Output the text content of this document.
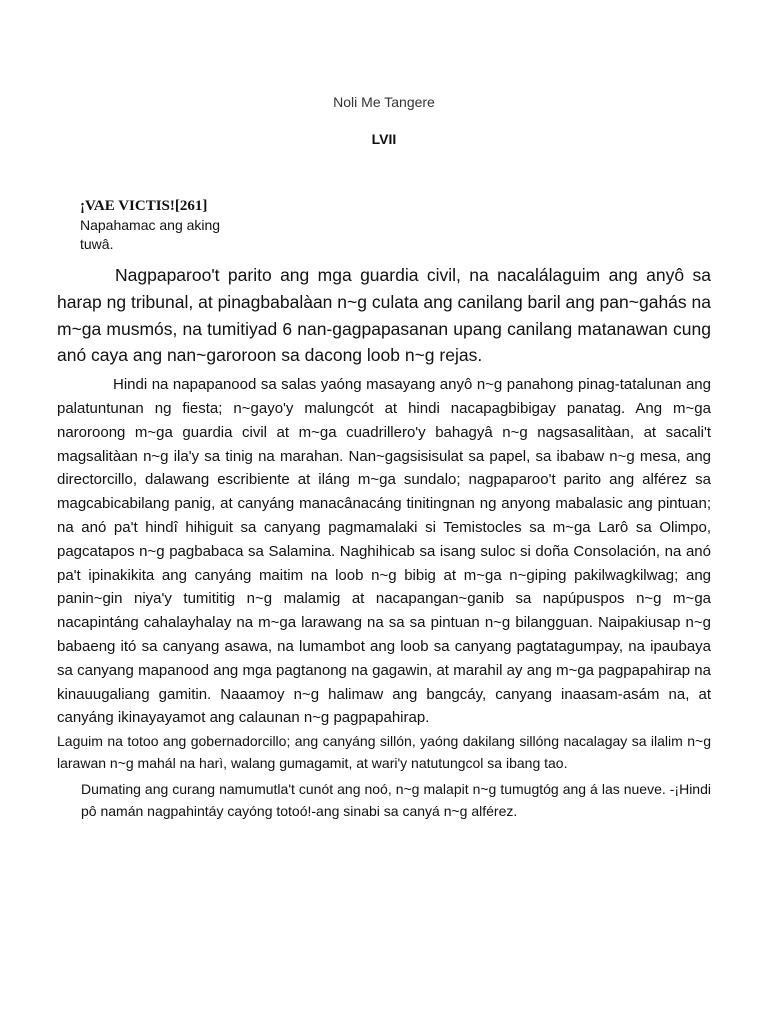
Noli Me Tangere
LVII
¡VAE VICTIS![261]
Napahamac ang aking
tuwâ.

Nagpaparoo't parito ang mga guardia civil, na nacalálaguim ang anyô sa harap ng tribunal, at pinagbabalàan n~g culata ang canilang baril ang pan~gahás na m~ga musmós, na tumitiyad 6 nan-gagpapasanan upang canilang matanawan cung anó caya ang nan~garoroon sa dacong loob n~g rejas.

Hindi na napapanood sa salas yaóng masayang anyô n~g panahong pinag-tatalunan ang palatuntunan ng fiesta; n~gayo'y malungcót at hindi nacapagbibigay panatag. Ang m~ga naroroong m~ga guardia civil at m~ga cuadrillero'y bahagyâ n~g nagsasalitàan, at sacali't magsalitàan n~g ila'y sa tinig na marahan. Nan~gagsisisulat sa papel, sa ibabaw n~g mesa, ang directorcillo, dalawang escribiente at iláng m~ga sundalo; nagpaparoo't parito ang alférez sa magcabicabilang panig, at canyáng manacânacáng tinitingnan ng anyong mabalasic ang pintuan; na anó pa't hindî hihiguit sa canyang pagmamalaki si Temistocles sa m~ga Larô sa Olimpo, pagcatapos n~g pagbabaca sa Salamina. Naghihicab sa isang suloc si doña Consolación, na anó pa't ipinakikita ang canyáng maitim na loob n~g bibig at m~ga n~giping pakilwagkilwag; ang panin~gin niya'y tumititig n~g malamig at nacapangan~ganib sa napúpuspos n~g m~ga nacapintáng cahalayhalay na m~ga larawang na sa sa pintuan n~g bilangguan. Naipakiusap n~g babaeng itó sa canyang asawa, na lumambot ang loob sa canyang pagtatagumpay, na ipaubaya sa canyang mapanood ang mga pagtanong na gagawin, at marahil ay ang m~ga pagpapahirap na kinauugaliang gamitin. Naaamoy n~g halimaw ang bangcáy, canyang inaasam-asám na, at canyáng ikinayayamot ang calaunan n~g pagpapahirap.

Laguim na totoo ang gobernadorcillo; ang canyáng sillón, yaóng dakilang sillóng nacalagay sa ilalim n~g larawan n~g mahál na harì, walang gumagamit, at wari'y natutungcol sa ibang tao.

Dumating ang curang namumutla't cunót ang noó, n~g malapit n~g tumugtóg ang á las nueve. -¡Hindi pô namán nagpahintáy cayóng totoó!-ang sinabi sa canyá n~g alférez.
